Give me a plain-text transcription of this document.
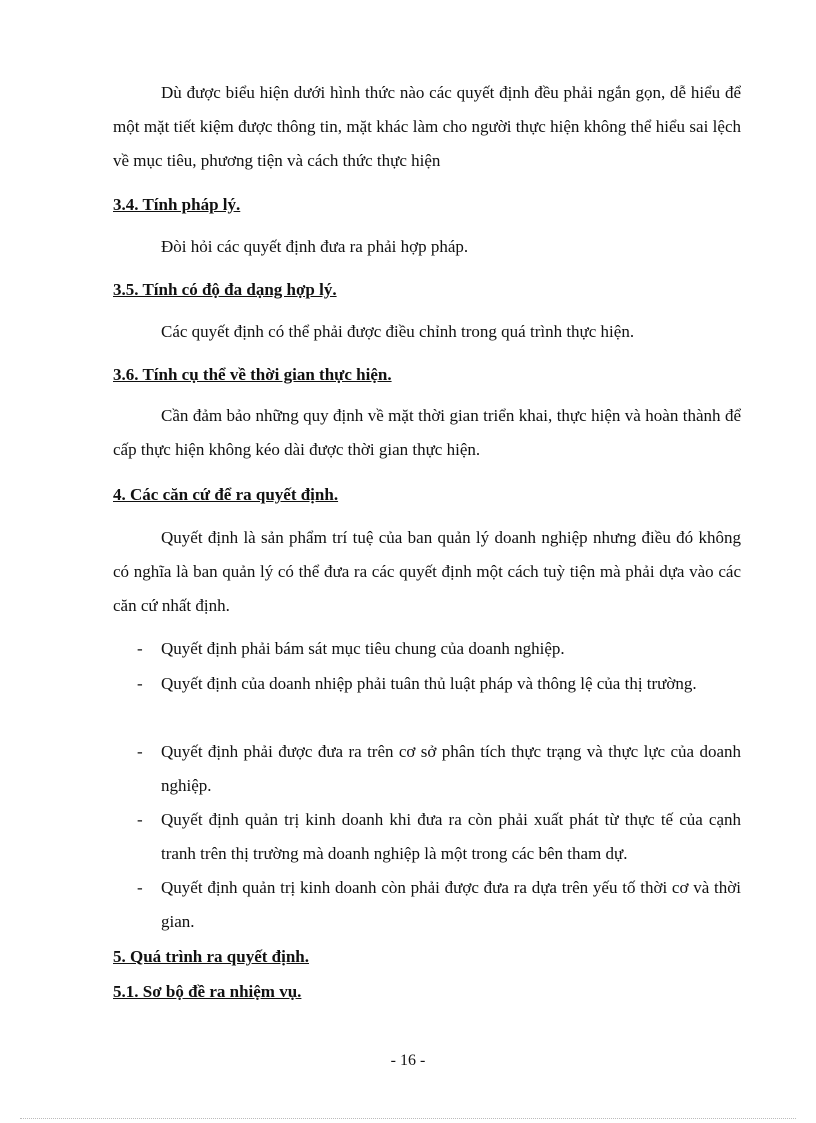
Dù được biểu hiện dưới hình thức nào các quyết định đều phải ngắn gọn, dễ hiểu để một mặt tiết kiệm được thông tin, mặt khác làm cho người thực hiện không thể hiểu sai lệch về mục tiêu, phương tiện và cách thức thực hiện

3.4. Tính pháp lý.

Đòi hỏi các quyết định đưa ra phải hợp pháp.

3.5. Tính có độ đa dạng hợp lý.

Các quyết định có thể phải được điều chỉnh trong quá trình thực hiện.

3.6. Tính cụ thể về thời gian thực hiện.

Cần đảm bảo những quy định về mặt thời gian triển khai, thực hiện và hoàn thành để cấp thực hiện không kéo dài được thời gian thực hiện.

4. Các căn cứ để ra quyết định.

Quyết định là sản phẩm trí tuệ của ban quản lý doanh nghiệp nhưng điều đó không có nghĩa là ban quản lý có thể đưa ra các quyết định một cách tuỳ tiện mà phải dựa vào các căn cứ nhất định.

- Quyết định phải bám sát mục tiêu chung của doanh nghiệp.
- Quyết định của doanh nhiệp phải tuân thủ luật pháp và thông lệ của thị trường.
- Quyết định phải được đưa ra trên cơ sở phân tích thực trạng và thực lực của doanh nghiệp.
- Quyết định quản trị kinh doanh khi đưa ra còn phải xuất phát từ thực tế của cạnh tranh trên thị trường mà doanh nghiệp là một trong các bên tham dự.
- Quyết định quản trị kinh doanh còn phải được đưa ra dựa trên yếu tố thời cơ và thời gian.

5. Quá trình ra quyết định.

5.1. Sơ bộ đề ra nhiệm vụ.

- 16 -
